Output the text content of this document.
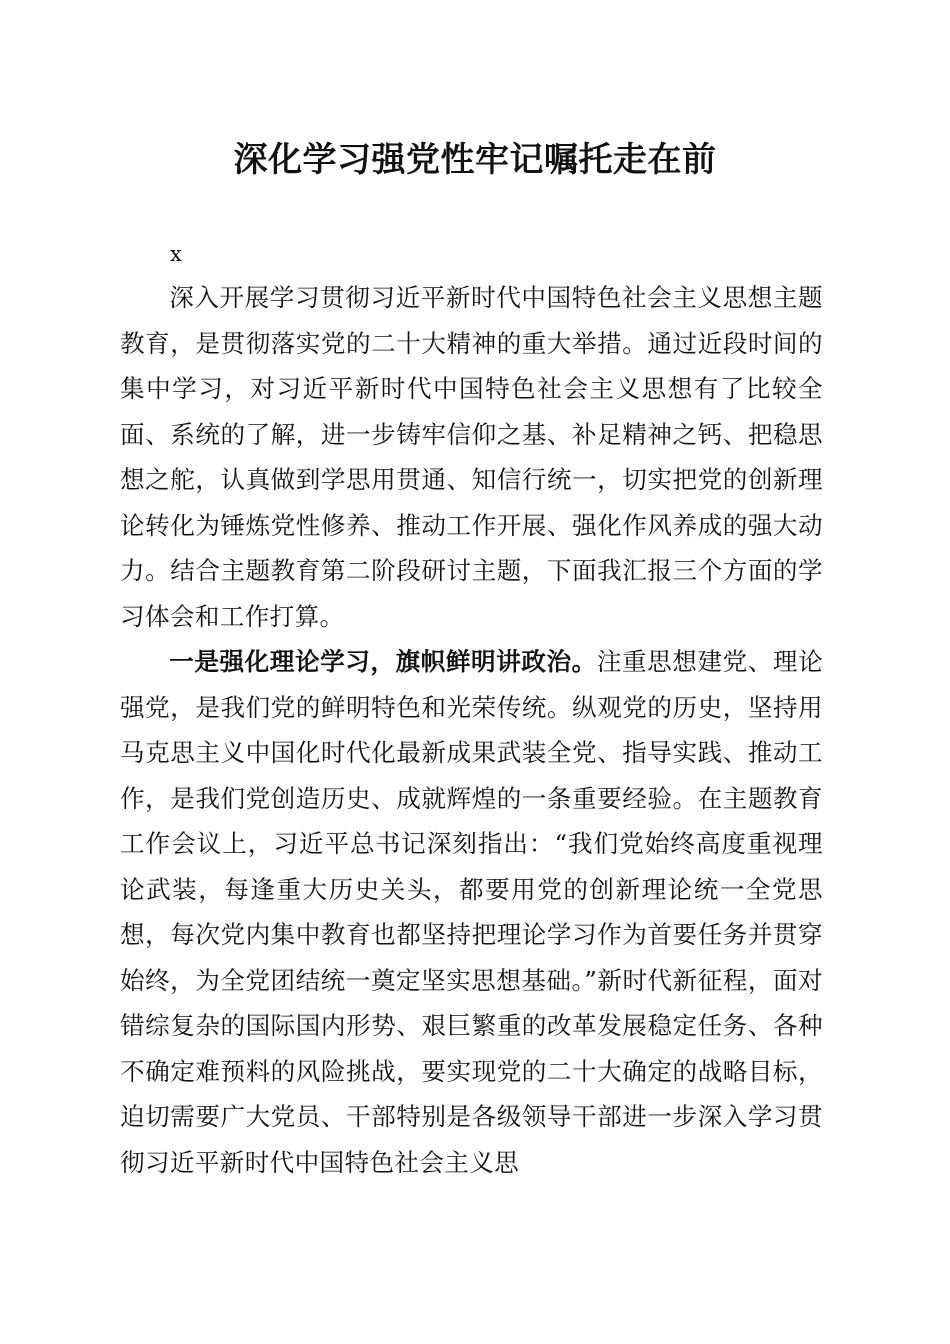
深化学习强党性牢记嘱托走在前
x

深入开展学习贯彻习近平新时代中国特色社会主义思想主题教育，是贯彻落实党的二十大精神的重大举措。通过近段时间的集中学习，对习近平新时代中国特色社会主义思想有了比较全面、系统的了解，进一步铸牢信仰之基、补足精神之钙、把稳思想之舵，认真做到学思用贯通、知信行统一，切实把党的创新理论转化为锤炼党性修养、推动工作开展、强化作风养成的强大动力。结合主题教育第二阶段研讨主题，下面我汇报三个方面的学习体会和工作打算。

一是强化理论学习，旗帜鲜明讲政治。注重思想建党、理论强党，是我们党的鲜明特色和光荣传统。纵观党的历史，坚持用马克思主义中国化时代化最新成果武装全党、指导实践、推动工作，是我们党创造历史、成就辉煌的一条重要经验。在主题教育工作会议上，习近平总书记深刻指出：“我们党始终高度重视理论武装，每逢重大历史关头，都要用党的创新理论统一全党思想，每次党内集中教育也都坚持把理论学习作为首要任务并贯穿始终，为全党团结统一奠定坚实思想基础。”新时代新征程，面对错综复杂的国际国内形势、艰巨繁重的改革发展稳定任务、各种不确定难预料的风险挑战，要实现党的二十大确定的战略目标，迫切需要广大党员、干部特别是各级领导干部进一步深入学习贯彻习近平新时代中国特色社会主义思
